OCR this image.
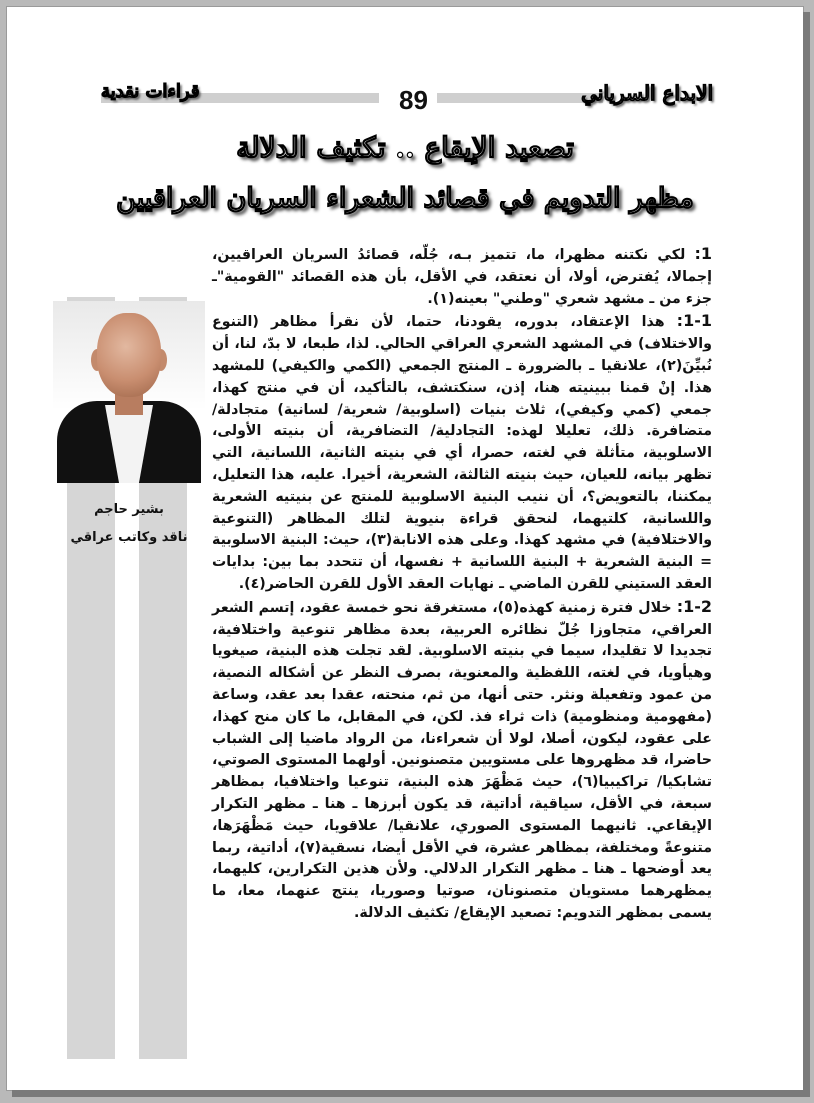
الابداع السرياني
89
قراءات نقدية
تصعيد الإيقاع .. تكثيف الدلالة
مظهر التدويم في قصائد الشعراء السريان العراقيين
بشير حاجم
ناقد وكاتب عراقي

1: لكي نكتنه مظهرا، ما، تتميز بـه، جُلّه، قصائدُ السريان العراقيين، إجمالا، يُفترض، أولا، أن نعتقد، في الأقل، بأن هذه القصائد "القومية"ـ جزء من ـ مشهد شعري "وطني" بعينه(١).

1-1: هذا الإعتقاد، بدوره، يقودنا، حتما، لأن نقرأ مظاهر (التنوع والاختلاف) في المشهد الشعري العراقي الحالي. لذا، طبعا، لا بدّ، لنا، أن نُبيِّنَ(٢)، علانقيا ـ بالضرورة ـ المنتج الجمعي (الكمي والكيفي) للمشهد هذا. إنْ قمنا ببينيته هنا، إذن، سنكتشف، بالتأكيد، أن في منتج كهذا، جمعي (كمي وكيفي)، ثلاث بنيات (اسلوبية/ شعرية/ لسانية) متجادلة/ متضافرة. ذلك، تعليلا لهذه: التجادلية/ التضافرية، أن بنيته الأولى، الاسلوبية، متأثلة في لغته، حصرا، أي في بنيته الثانية، اللسانية، التي تظهر بيانه، للعيان، حيث بنيته الثالثة، الشعرية، أخيرا. عليه، هذا التعليل، يمكننا، بالتعويض؟، أن ننيب البنية الاسلوبية للمنتج عن بنيتيه الشعرية واللسانية، كلتيهما، لنحقق قراءة بنيوية لتلك المظاهر (التنوعية والاختلافية) في مشهد كهذا. وعلى هذه الانابة(٣)، حيث: البنية الاسلوبية = البنية الشعرية + البنية اللسانية + نفسها، أن تتحدد بما بين: بدايات العقد الستيني للقرن الماضي ـ نهايات العقد الأول للقرن الحاضر(٤).

1-2: خلال فترة زمنية كهذه(٥)، مستغرقة نحو خمسة عقود، إتسم الشعر العراقي، متجاوزا جُلّ نظائره العربية، بعدة مظاهر تنوعية واختلافية، تجديدا لا تقليدا، سيما في بنيته الاسلوبية. لقد تجلت هذه البنية، صيغويا وهيأويا، في لغته، اللفظية والمعنوية، بصرف النظر عن أشكاله النصية، من عمود وتفعيلة ونثر. حتى أنها، من ثم، منحته، عقدا بعد عقد، وساعة (مفهومية ومنظومية) ذات ثراء فذ. لكن، في المقابل، ما كان منح كهذا، على عقود، ليكون، أصلا، لولا أن شعراءنا، من الرواد ماضيا إلى الشباب حاضرا، قد مظهروها على مستويين متصنونين. أولهما المستوى الصوتي، تشابكيا/ تراكيبيا(٦)، حيث مَظْهَرَ هذه البنية، تنوعيا واختلافيا، بمظاهر سبعة، في الأقل، سياقية، أداتية، قد يكون أبرزها ـ هنا ـ مظهر التكرار الإيقاعي. ثانيهما المستوى الصوري، علانقيا/ علاقويا، حيث مَظْهَرَها، متنوعةً ومختلفة، بمظاهر عشرة، في الأقل أيضا، نسقية(٧)، أداتية، ربما يعد أوضحها ـ هنا ـ مظهر التكرار الدلالي. ولأن هذين التكرارين، كليهما، يمظهرهما مستويان متصنونان، صوتيا وصوريا، ينتج عنهما، معا، ما يسمى بمظهر التدويم: تصعيد الإيقاع/ تكثيف الدلالة.
